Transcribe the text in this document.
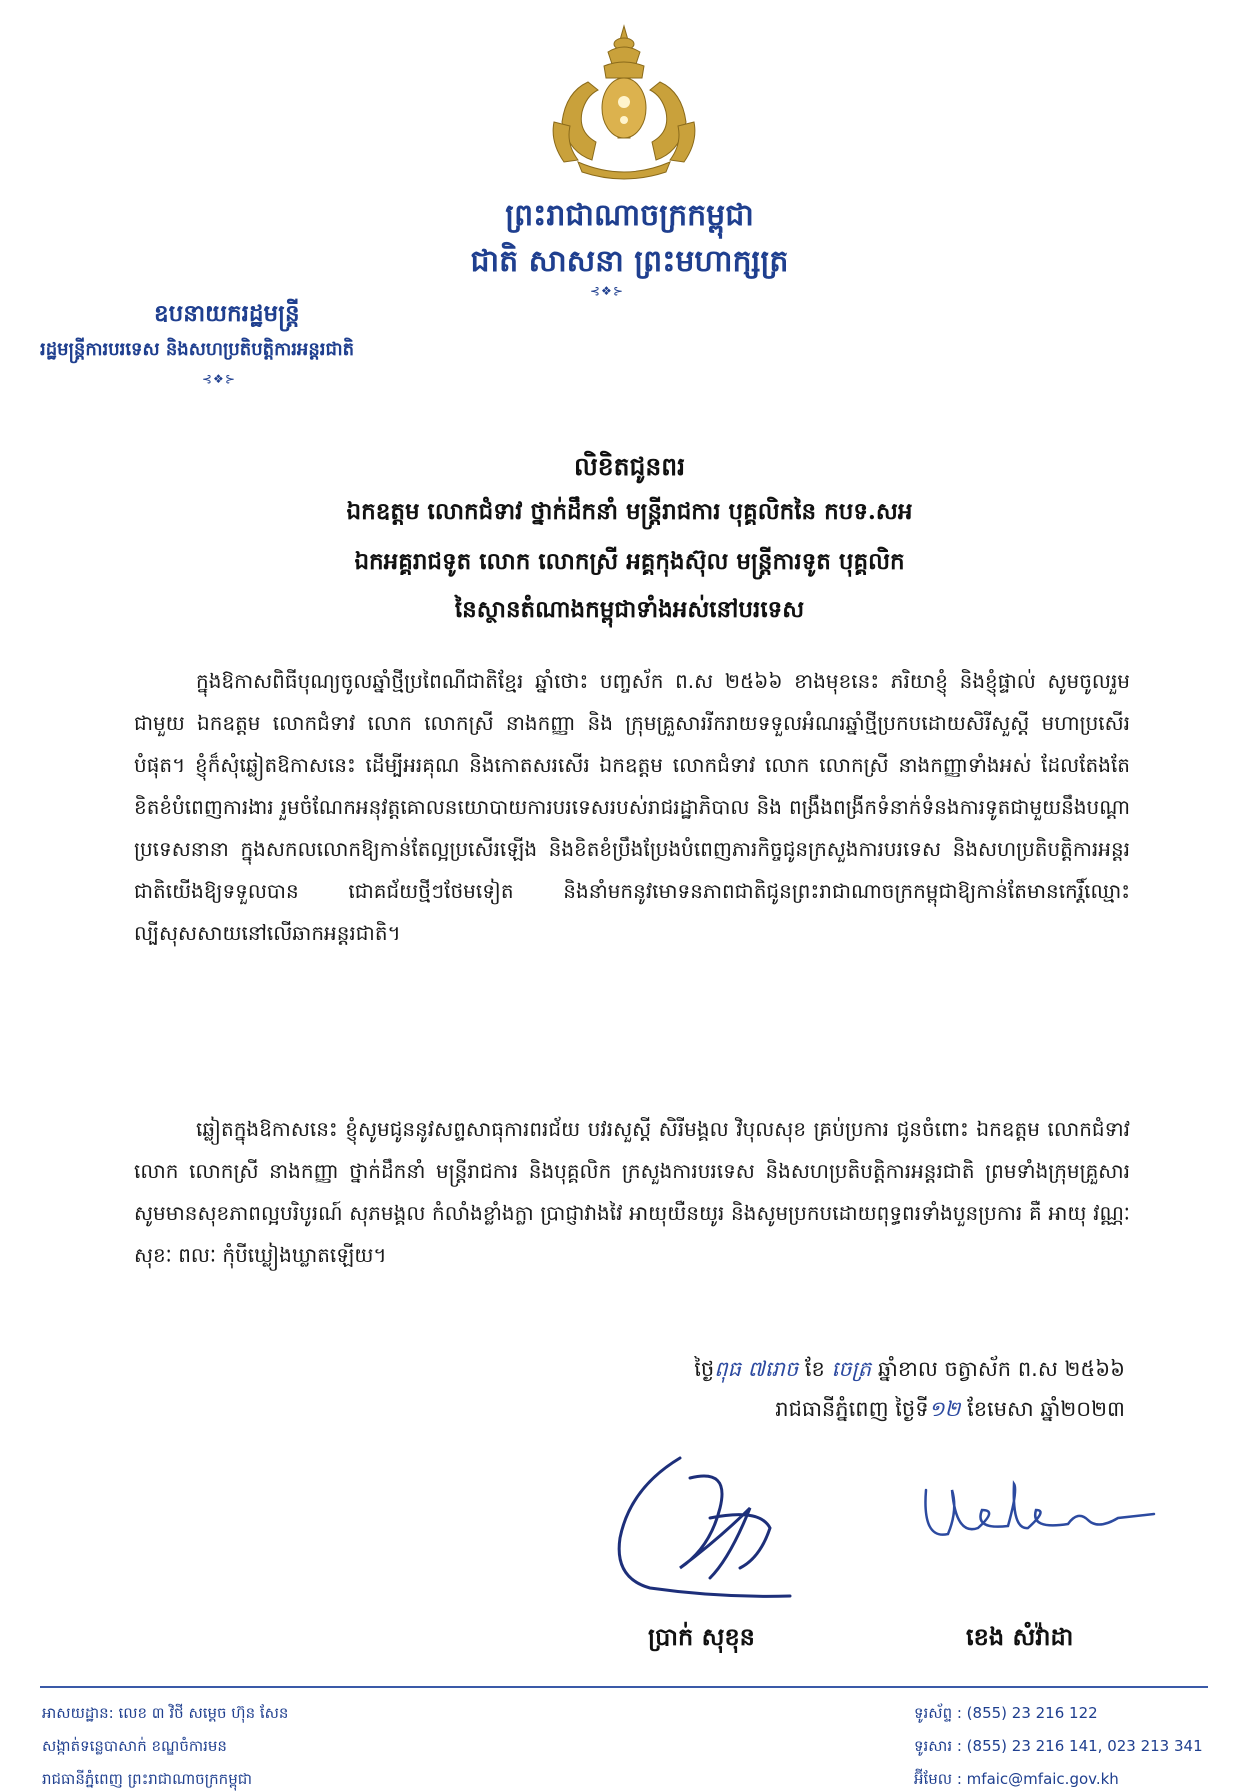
ព្រះរាជាណាចក្រកម្ពុជា
ជាតិ សាសនា ព្រះមហាក្សត្រ
⊰❖⊱
ឧបនាយករដ្ឋមន្ត្រី
រដ្ឋមន្ត្រីការបរទេស និងសហប្រតិបត្តិការអន្តរជាតិ
⊰❖⊱
លិខិតជូនពរ
ឯកឧត្តម លោកជំទាវ ថ្នាក់ដឹកនាំ មន្ត្រីរាជការ បុគ្គលិកនៃ កបទ.សអ
ឯកអគ្គរាជទូត លោក លោកស្រី អគ្គកុងស៊ុល មន្ត្រីការទូត បុគ្គលិក
នៃស្ថានតំណាងកម្ពុជាទាំងអស់នៅបរទេស

ក្នុងឱកាសពិធីបុណ្យចូលឆ្នាំថ្មីប្រពៃណីជាតិខ្មែរ ឆ្នាំថោះ បញ្ចស័ក ព.ស ២៥៦៦ ខាងមុខនេះ ភរិយាខ្ញុំ និងខ្ញុំផ្ទាល់ សូមចូលរួមជាមួយ ឯកឧត្តម លោកជំទាវ លោក លោកស្រី នាងកញ្ញា និង ក្រុមគ្រួសាររីករាយទទួលអំណរឆ្នាំថ្មីប្រកបដោយសិរីសួស្តី មហាប្រសើរបំផុត។ ខ្ញុំក៏សុំឆ្លៀតឱកាសនេះ ដើម្បីអរគុណ និងកោតសរសើរ ឯកឧត្តម លោកជំទាវ លោក លោកស្រី នាងកញ្ញាទាំងអស់ ដែលតែងតែខិតខំបំពេញការងារ រួមចំណែកអនុវត្តគោលនយោបាយការបរទេសរបស់រាជរដ្ឋាភិបាល និង ពង្រឹងពង្រីកទំនាក់ទំនងការទូតជាមួយនឹងបណ្តាប្រទេសនានា ក្នុងសកលលោកឱ្យកាន់តែល្អប្រសើរឡើង និងខិតខំប្រឹងប្រែងបំពេញភារកិច្ចជូនក្រសួងការបរទេស និងសហប្រតិបត្តិការអន្តរជាតិយើងឱ្យទទួលបាន ជោគជ័យថ្មីៗថែមទៀត និងនាំមកនូវមោទនភាពជាតិជូនព្រះរាជាណាចក្រកម្ពុជាឱ្យកាន់តែមានកេរ្តិ៍ឈ្មោះ ល្បីសុសសាយនៅលើឆាកអន្តរជាតិ។

ឆ្លៀតក្នុងឱកាសនេះ ខ្ញុំសូមជូននូវសព្ទសាធុការពរជ័យ បវរសួស្តី សិរីមង្គល វិបុលសុខ គ្រប់ប្រការ ជូនចំពោះ ឯកឧត្តម លោកជំទាវ លោក លោកស្រី នាងកញ្ញា ថ្នាក់ដឹកនាំ មន្ត្រីរាជការ និងបុគ្គលិក ក្រសួងការបរទេស និងសហប្រតិបត្តិការអន្តរជាតិ ព្រមទាំងក្រុមគ្រួសារ សូមមានសុខភាពល្អបរិបូរណ៍ សុភមង្គល កំលាំងខ្លាំងក្លា ប្រាជ្ញាវាងវៃ អាយុយឺនយូរ និងសូមប្រកបដោយពុទ្ធពរទាំងបួនប្រការ គឺ អាយុ វណ្ណៈ សុខៈ ពលៈ កុំបីឃ្លៀងឃ្លាតឡើយ។

ថ្ងៃពុធ ៧រោច ខែ ចេត្រ ឆ្នាំខាល ចត្វាស័ក ព.ស ២៥៦៦
រាជធានីភ្នំពេញ ថ្ងៃទី១២ ខែមេសា ឆ្នាំ២០២៣
ប្រាក់ សុខុន	ខេង សំវ៉ាដា
អាសយដ្ឋាន: លេខ ៣ វិថី សម្តេច ហ៊ុន សែន
សង្កាត់ទន្លេបាសាក់ ខណ្ឌចំការមន
រាជធានីភ្នំពេញ ព្រះរាជាណាចក្រកម្ពុជា
ទូរស័ព្ទ : (855) 23 216 122
ទូរសារ : (855) 23 216 141, 023 213 341
អ៊ីមែល : mfaic@mfaic.gov.kh
